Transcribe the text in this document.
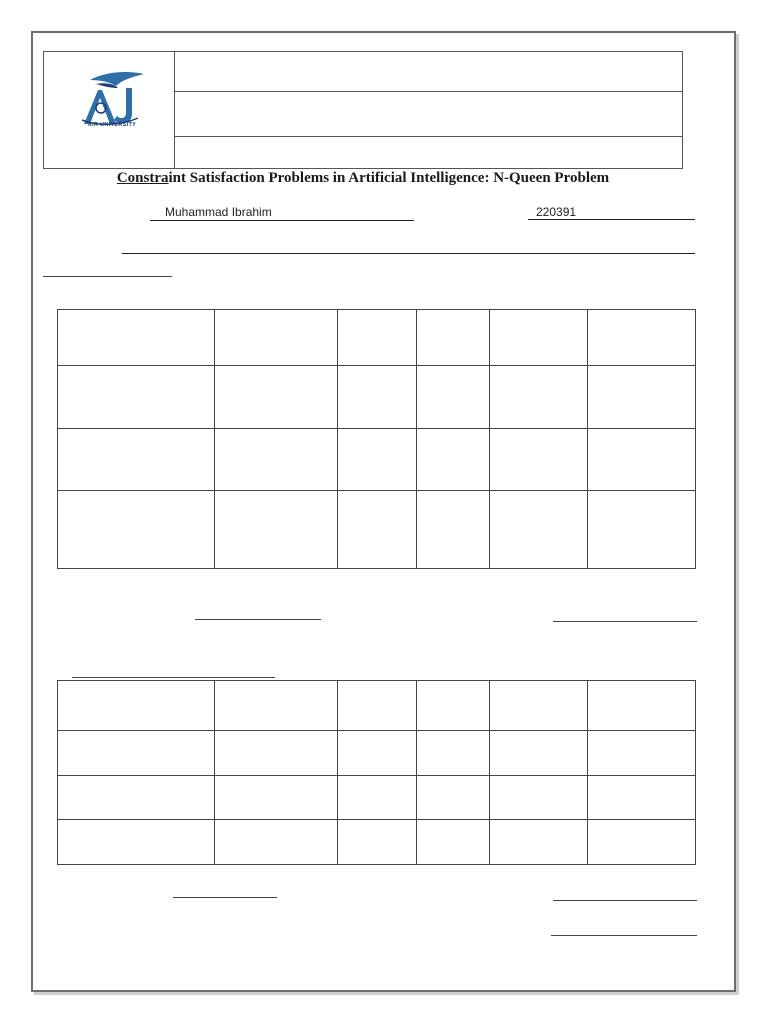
AIR UNIVERSITY
Constraint Satisfaction Problems in Artificial Intelligence: N-Queen Problem
Muhammad Ibrahim	220391
